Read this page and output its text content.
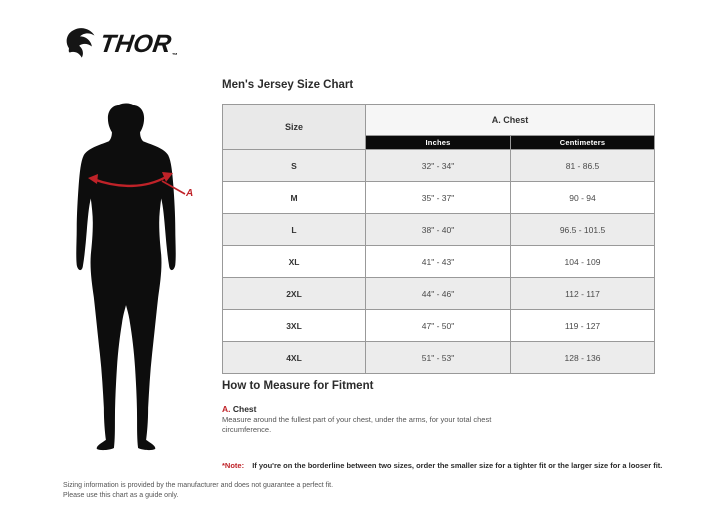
THOR
™
A
Men's Jersey Size Chart
Size	A. Chest	
	Inches	Centimeters
S	32" - 34"	81 - 86.5
M	35" - 37"	90 - 94
L	38" - 40"	96.5 - 101.5
XL	41" - 43"	104 - 109
2XL	44" - 46"	112 - 117
3XL	47" - 50"	119 - 127
4XL	51" - 53"	128 - 136
How to Measure for Fitment
A. Chest
Measure around the fullest part of your chest, under the arms, for your total chest circumference.
*Note: If you're on the borderline between two sizes, order the smaller size for a tighter fit or the larger size for a looser fit.
Sizing information is provided by the manufacturer and does not guarantee a perfect fit.
Please use this chart as a guide only.
